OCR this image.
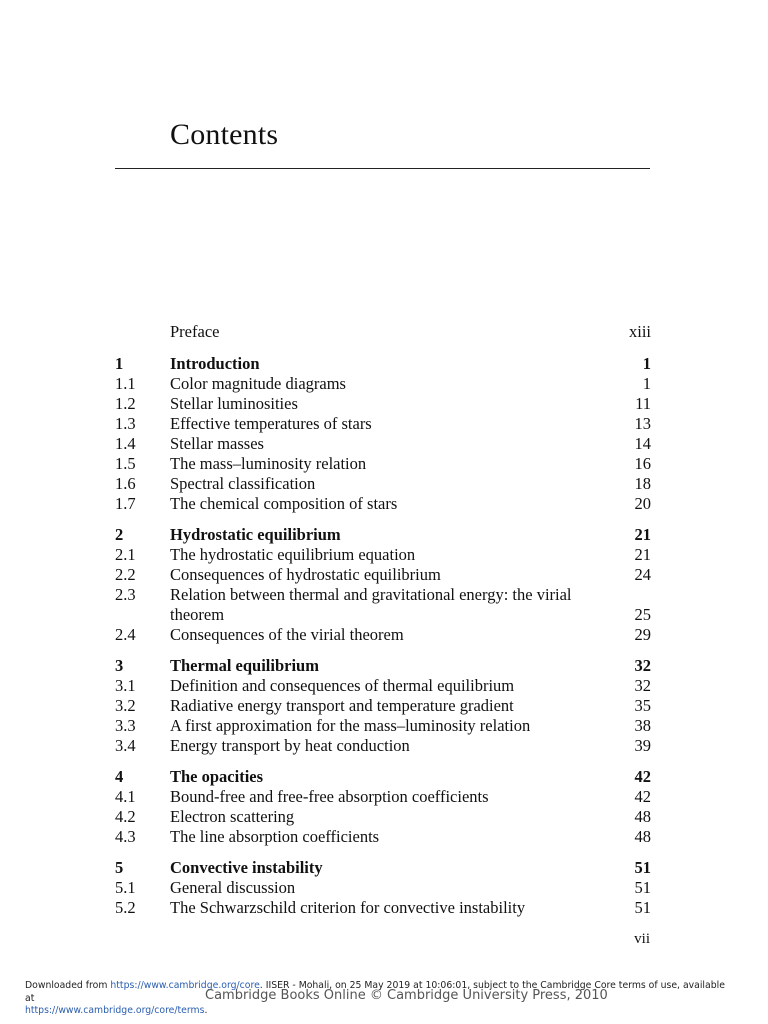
Contents
Preface	xiii
1	Introduction	1
1.1 Color magnitude diagrams	1
1.2 Stellar luminosities	11
1.3 Effective temperatures of stars	13
1.4 Stellar masses	14
1.5 The mass–luminosity relation	16
1.6 Spectral classification	18
1.7 The chemical composition of stars	20
2	Hydrostatic equilibrium	21
2.1 The hydrostatic equilibrium equation	21
2.2 Consequences of hydrostatic equilibrium	24
2.3 Relation between thermal and gravitational energy: the virial theorem	25
2.4 Consequences of the virial theorem	29
3	Thermal equilibrium	32
3.1 Definition and consequences of thermal equilibrium	32
3.2 Radiative energy transport and temperature gradient	35
3.3 A first approximation for the mass–luminosity relation	38
3.4 Energy transport by heat conduction	39
4	The opacities	42
4.1 Bound-free and free-free absorption coefficients	42
4.2 Electron scattering	48
4.3 The line absorption coefficients	48
5	Convective instability	51
5.1 General discussion	51
5.2 The Schwarzschild criterion for convective instability	51
vii
Downloaded from https://www.cambridge.org/core. IISER - Mohali, on 25 May 2019 at 10:06:01, subject to the Cambridge Core terms of use, available at
https://www.cambridge.org/core/terms.
Cambridge Books Online © Cambridge University Press, 2010
